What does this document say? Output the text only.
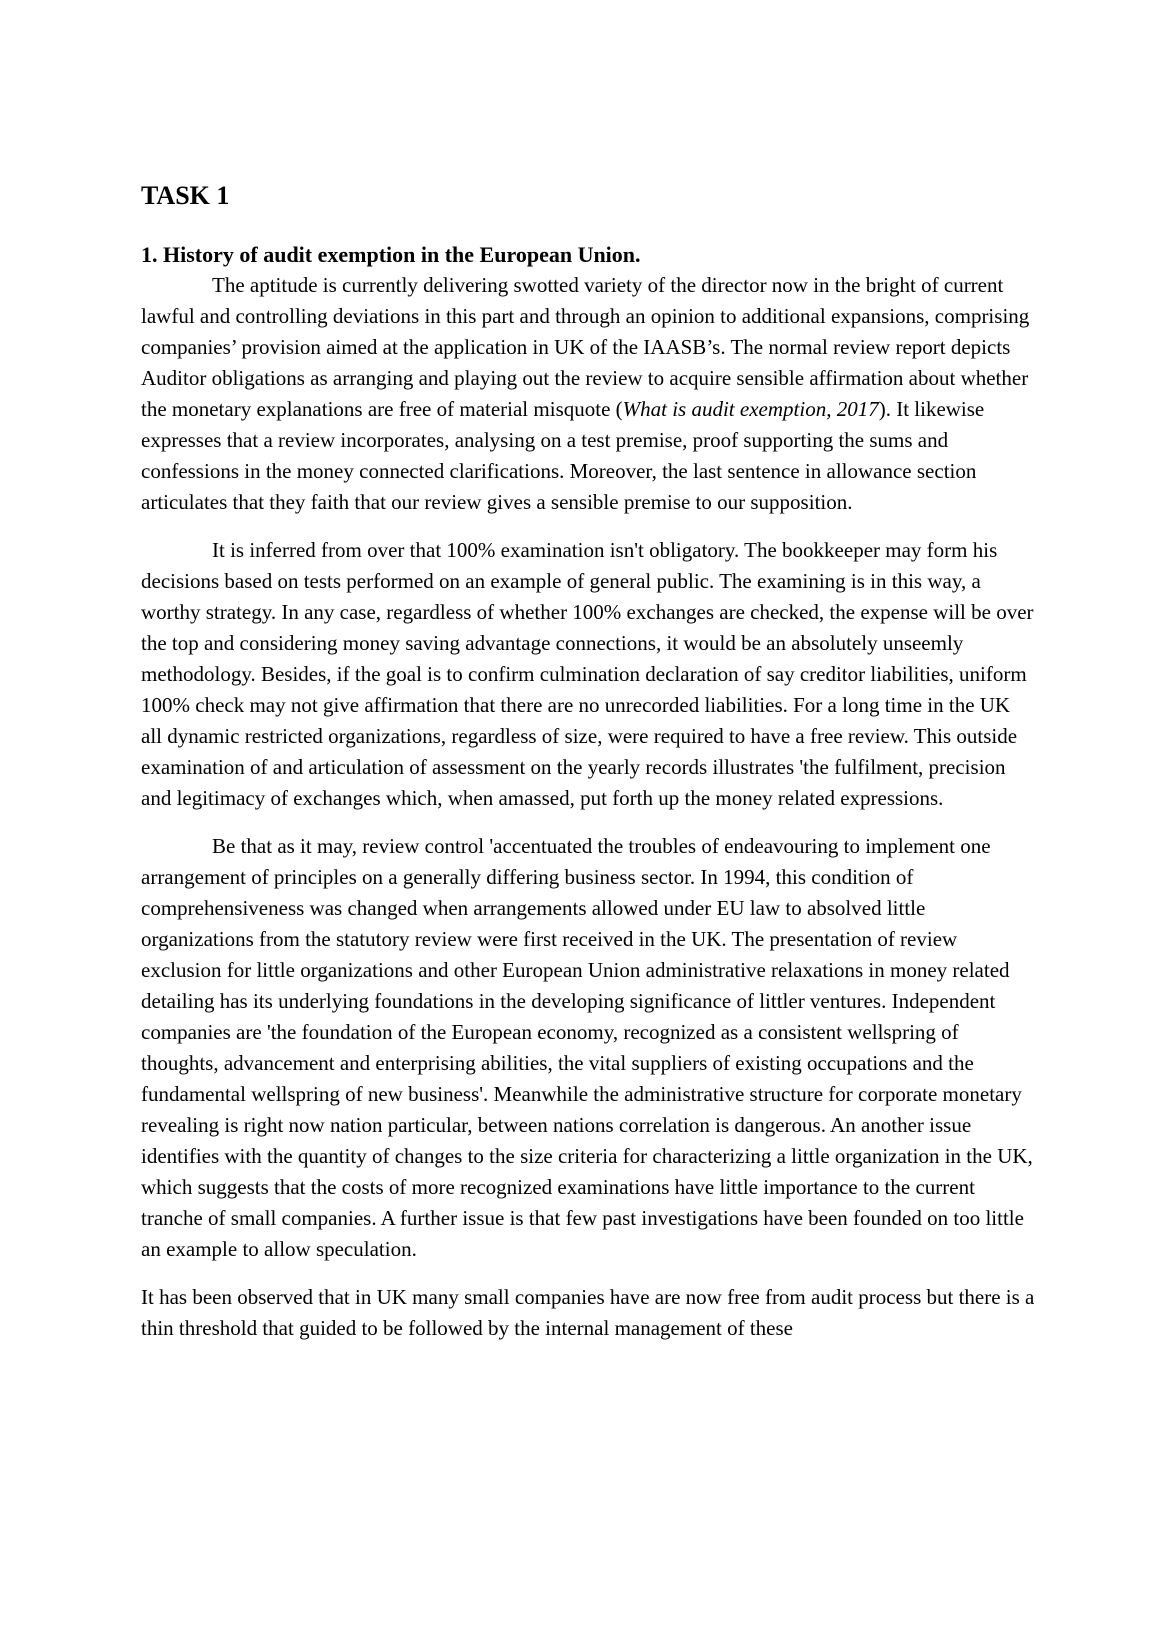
TASK 1
1. History of audit exemption in the European Union.

The aptitude is currently delivering swotted variety of the director now in the bright of current lawful and controlling deviations in this part and through an opinion to additional expansions, comprising companies’ provision aimed at the application in UK of the IAASB’s. The normal review report depicts Auditor obligations as arranging and playing out the review to acquire sensible affirmation about whether the monetary explanations are free of material misquote (What is audit exemption, 2017). It likewise expresses that a review incorporates, analysing on a test premise, proof supporting the sums and confessions in the money connected clarifications. Moreover, the last sentence in allowance section articulates that they faith that our review gives a sensible premise to our supposition.

It is inferred from over that 100% examination isn't obligatory. The bookkeeper may form his decisions based on tests performed on an example of general public. The examining is in this way, a worthy strategy. In any case, regardless of whether 100% exchanges are checked, the expense will be over the top and considering money saving advantage connections, it would be an absolutely unseemly methodology. Besides, if the goal is to confirm culmination declaration of say creditor liabilities, uniform 100% check may not give affirmation that there are no unrecorded liabilities. For a long time in the UK all dynamic restricted organizations, regardless of size, were required to have a free review. This outside examination of and articulation of assessment on the yearly records illustrates 'the fulfilment, precision and legitimacy of exchanges which, when amassed, put forth up the money related expressions.

Be that as it may, review control 'accentuated the troubles of endeavouring to implement one arrangement of principles on a generally differing business sector. In 1994, this condition of comprehensiveness was changed when arrangements allowed under EU law to absolved little organizations from the statutory review were first received in the UK. The presentation of review exclusion for little organizations and other European Union administrative relaxations in money related detailing has its underlying foundations in the developing significance of littler ventures. Independent companies are 'the foundation of the European economy, recognized as a consistent wellspring of thoughts, advancement and enterprising abilities, the vital suppliers of existing occupations and the fundamental wellspring of new business'. Meanwhile the administrative structure for corporate monetary revealing is right now nation particular, between nations correlation is dangerous. An another issue identifies with the quantity of changes to the size criteria for characterizing a little organization in the UK, which suggests that the costs of more recognized examinations have little importance to the current tranche of small companies. A further issue is that few past investigations have been founded on too little an example to allow speculation.

It has been observed that in UK many small companies have are now free from audit process but there is a thin threshold that guided to be followed by the internal management of these
